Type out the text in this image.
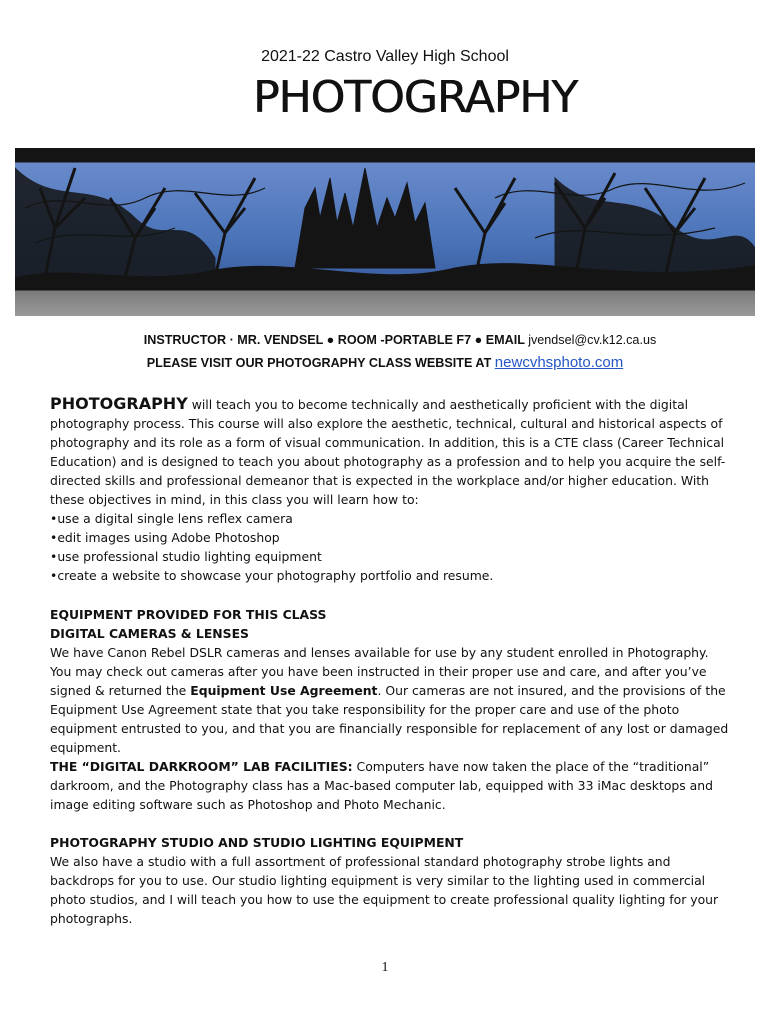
2021-22 Castro Valley High School
PHOTOGRAPHY
INSTRUCTOR · MR. VENDSEL ● ROOM -PORTABLE F7 ● EMAIL jvendsel@cv.k12.ca.us
PLEASE VISIT OUR PHOTOGRAPHY CLASS WEBSITE AT newcvhsphoto.com
PHOTOGRAPHY will teach you to become technically and aesthetically proficient with the digital photography process. This course will also explore the aesthetic, technical, cultural and historical aspects of photography and its role as a form of visual communication. In addition, this is a CTE class (Career Technical Education) and is designed to teach you about photography as a profession and to help you acquire the self-directed skills and professional demeanor that is expected in the workplace and/or higher education. With these objectives in mind, in this class you will learn how to:
• use a digital single lens reflex camera
• edit images using Adobe Photoshop
• use professional studio lighting equipment
• create a website to showcase your photography portfolio and resume.
EQUIPMENT PROVIDED FOR THIS CLASS
DIGITAL CAMERAS & LENSES
We have Canon Rebel DSLR cameras and lenses available for use by any student enrolled in Photography. You may check out cameras after you have been instructed in their proper use and care, and after you’ve signed & returned the Equipment Use Agreement. Our cameras are not insured, and the provisions of the Equipment Use Agreement state that you take responsibility for the proper care and use of the photo equipment entrusted to you, and that you are financially responsible for replacement of any lost or damaged equipment.
THE “DIGITAL DARKROOM” LAB FACILITIES: Computers have now taken the place of the “traditional” darkroom, and the Photography class has a Mac-based computer lab, equipped with 33 iMac desktops and image editing software such as Photoshop and Photo Mechanic.
PHOTOGRAPHY STUDIO AND STUDIO LIGHTING EQUIPMENT
We also have a studio with a full assortment of professional standard photography strobe lights and backdrops for you to use. Our studio lighting equipment is very similar to the lighting used in commercial photo studios, and I will teach you how to use the equipment to create professional quality lighting for your photographs.
1
